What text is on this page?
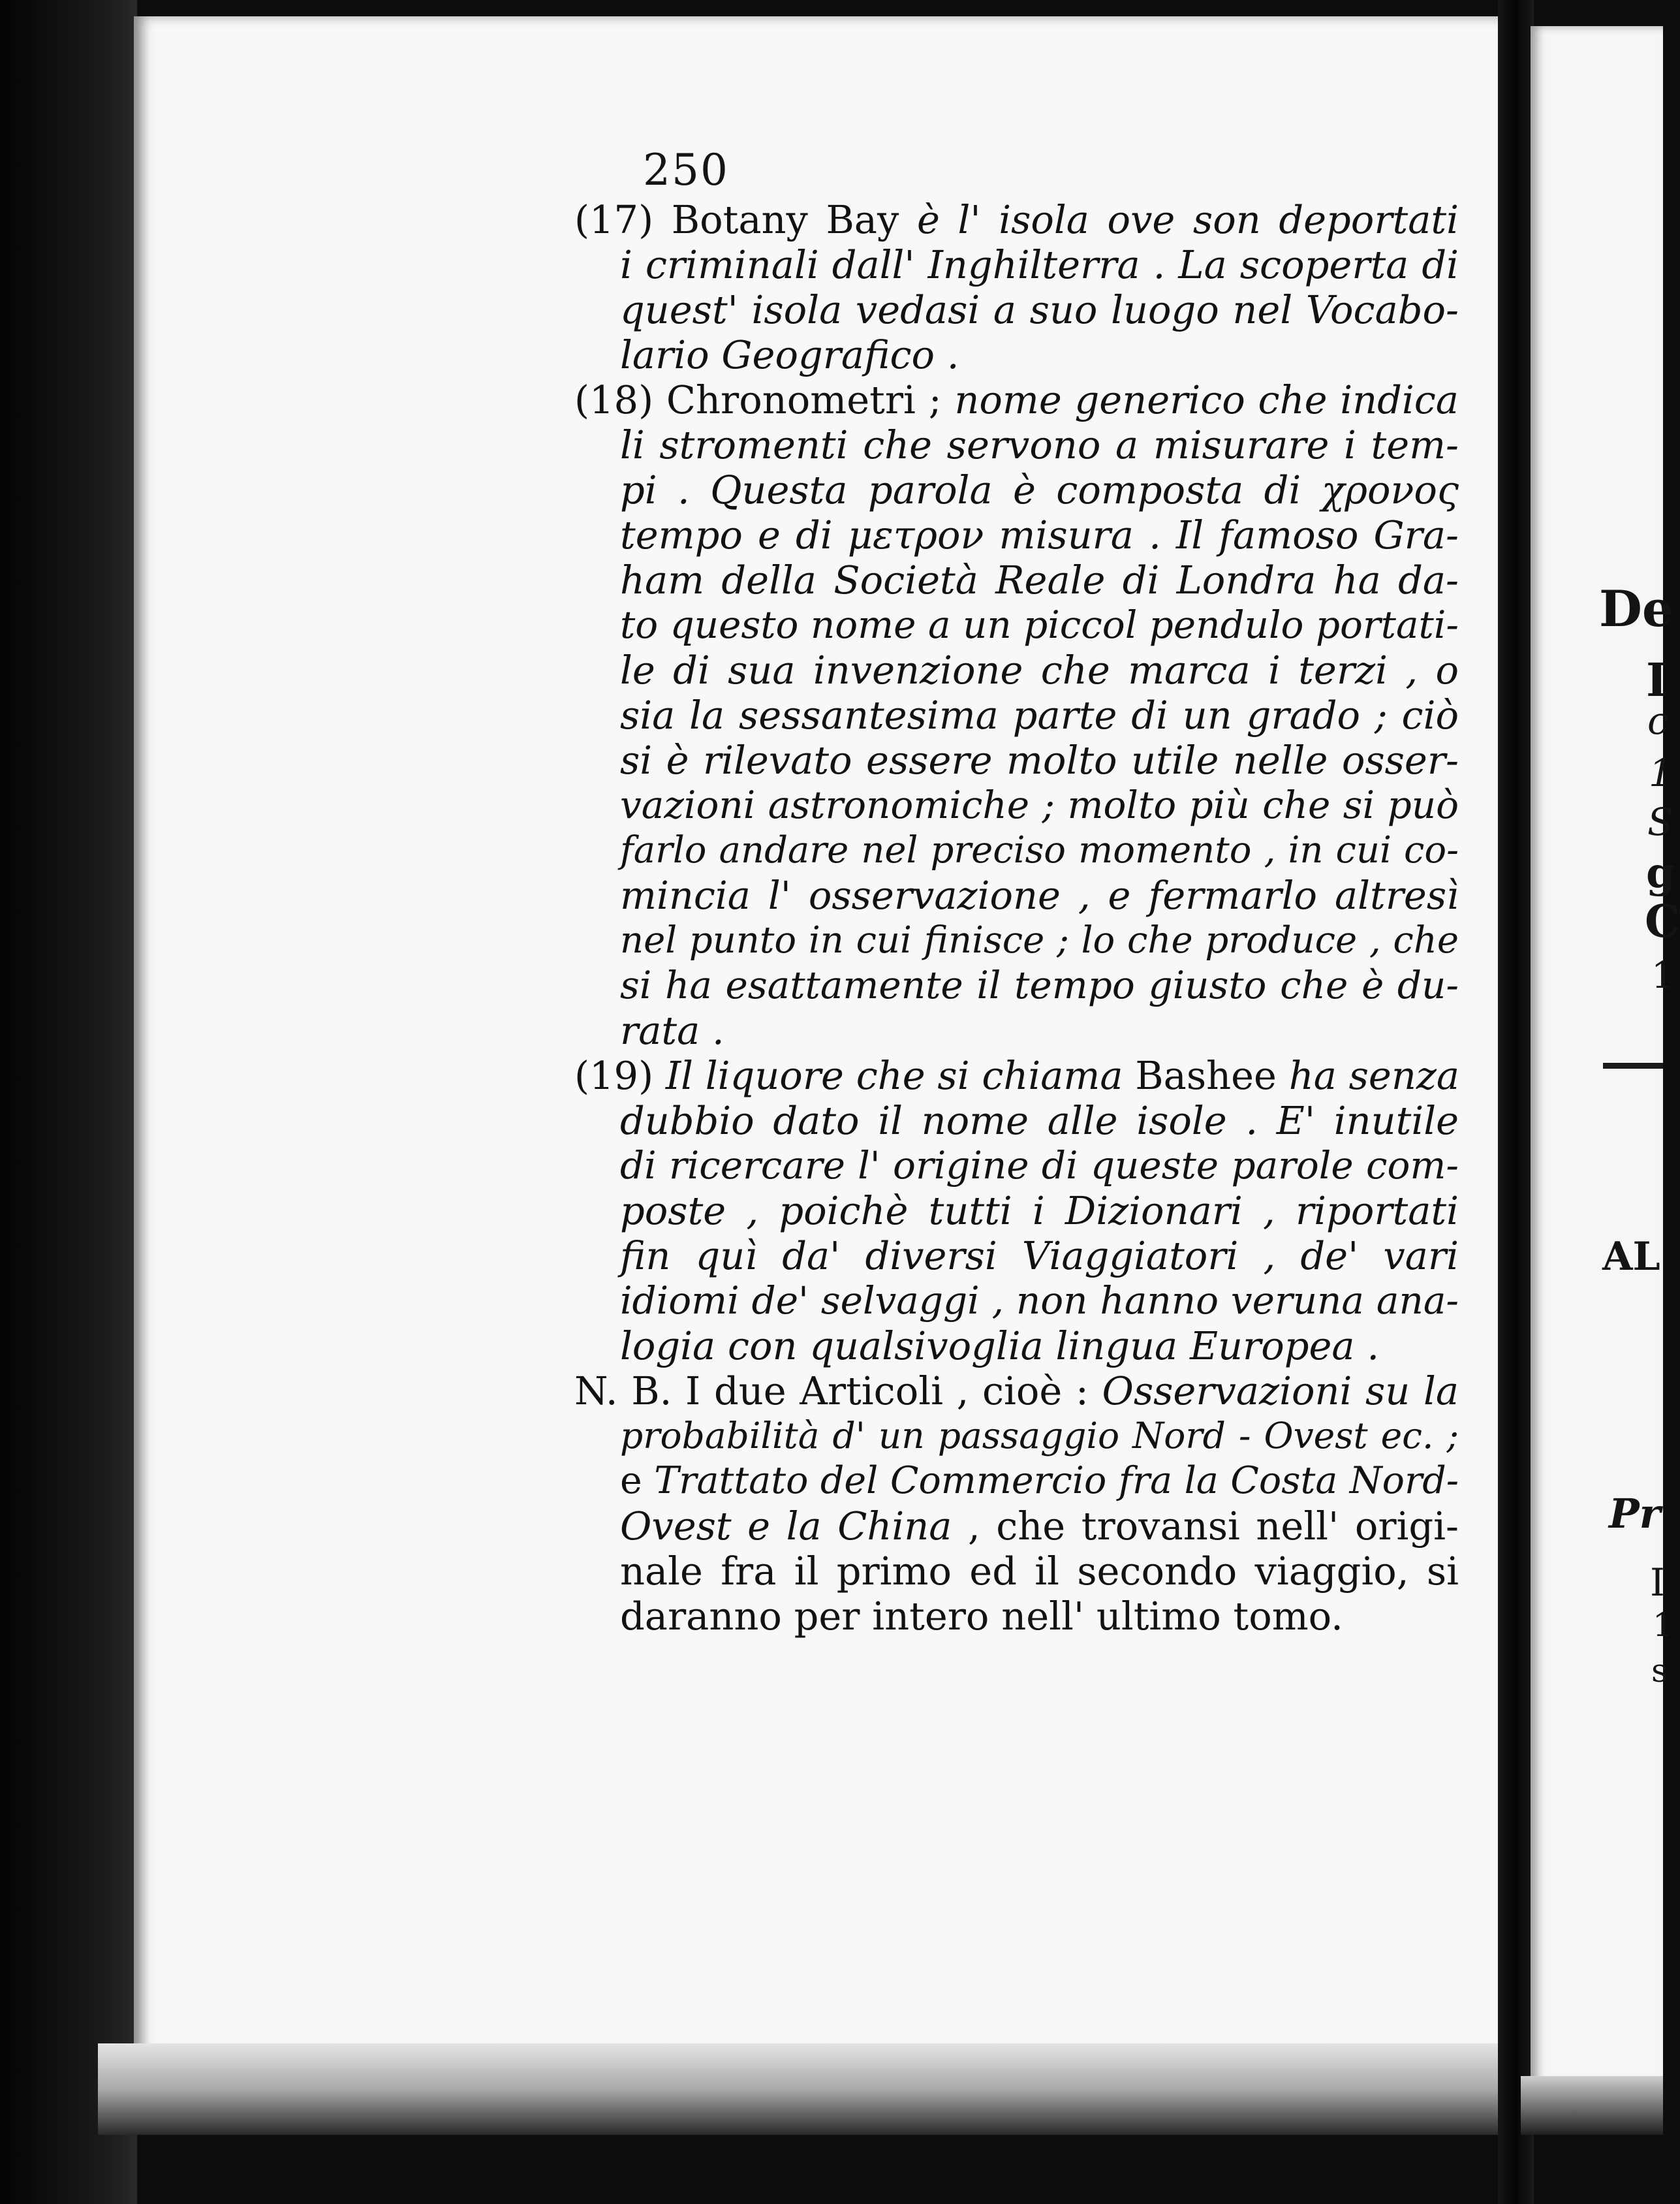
250
(17) Botany Bay è l' isola ove son deportati
i criminali dall' Inghilterra . La scoperta di
quest' isola vedasi a suo luogo nel Vocabo-
lario Geografico .
(18) Chronometri ; nome generico che indica
li stromenti che servono a misurare i tem-
pi . Questa parola è composta di χρονος
tempo e di μετρον misura . Il famoso Gra-
ham della Società Reale di Londra ha da-
to questo nome a un piccol pendulo portati-
le di sua invenzione che marca i terzi , o
sia la sessantesima parte di un grado ; ciò
si è rilevato essere molto utile nelle osser-
vazioni astronomiche ; molto più che si può
farlo andare nel preciso momento , in cui co-
mincia l' osservazione , e fermarlo altresì
nel punto in cui finisce ; lo che produce , che
si ha esattamente il tempo giusto che è du-
rata .
(19) Il liquore che si chiama Bashee ha senza
dubbio dato il nome alle isole . E' inutile
di ricercare l' origine di queste parole com-
poste , poichè tutti i Dizionari , riportati
fin quì da' diversi Viaggiatori , de' vari
idiomi de' selvaggi , non hanno veruna ana-
logia con qualsivoglia lingua Europea .
N. B. I due Articoli , cioè : Osservazioni su la
probabilità d' un passaggio Nord - Ovest ec. ;
e Trattato del Commercio fra la Costa Nord-
Ovest e la China , che trovansi nell' origi-
nale fra il primo ed il secondo viaggio, si
daranno per intero nell' ultimo tomo.
De
I
c
1
S
g
C
1
AL
Pr
I
1
s
